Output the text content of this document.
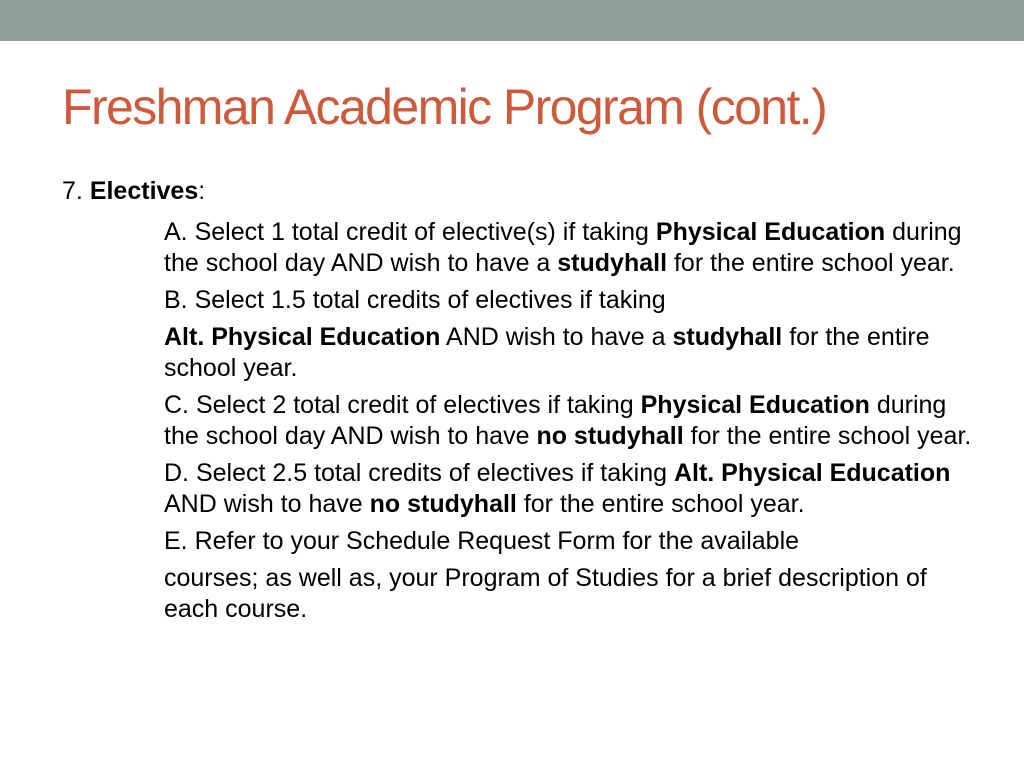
Freshman Academic Program (cont.)

7. Electives:

A. Select 1 total credit of elective(s) if taking Physical Education during the school day AND wish to have a studyhall for the entire school year.

B. Select 1.5 total credits of electives if taking

Alt. Physical Education AND wish to have a studyhall for the entire school year.

C. Select 2 total credit of electives if taking Physical Education during the school day AND wish to have no studyhall for the entire school year.
D. Select 2.5 total credits of electives if taking Alt. Physical Education AND wish to have no studyhall for the entire school year.

E. Refer to your Schedule Request Form for the available

courses; as well as, your Program of Studies for a brief description of each course.
